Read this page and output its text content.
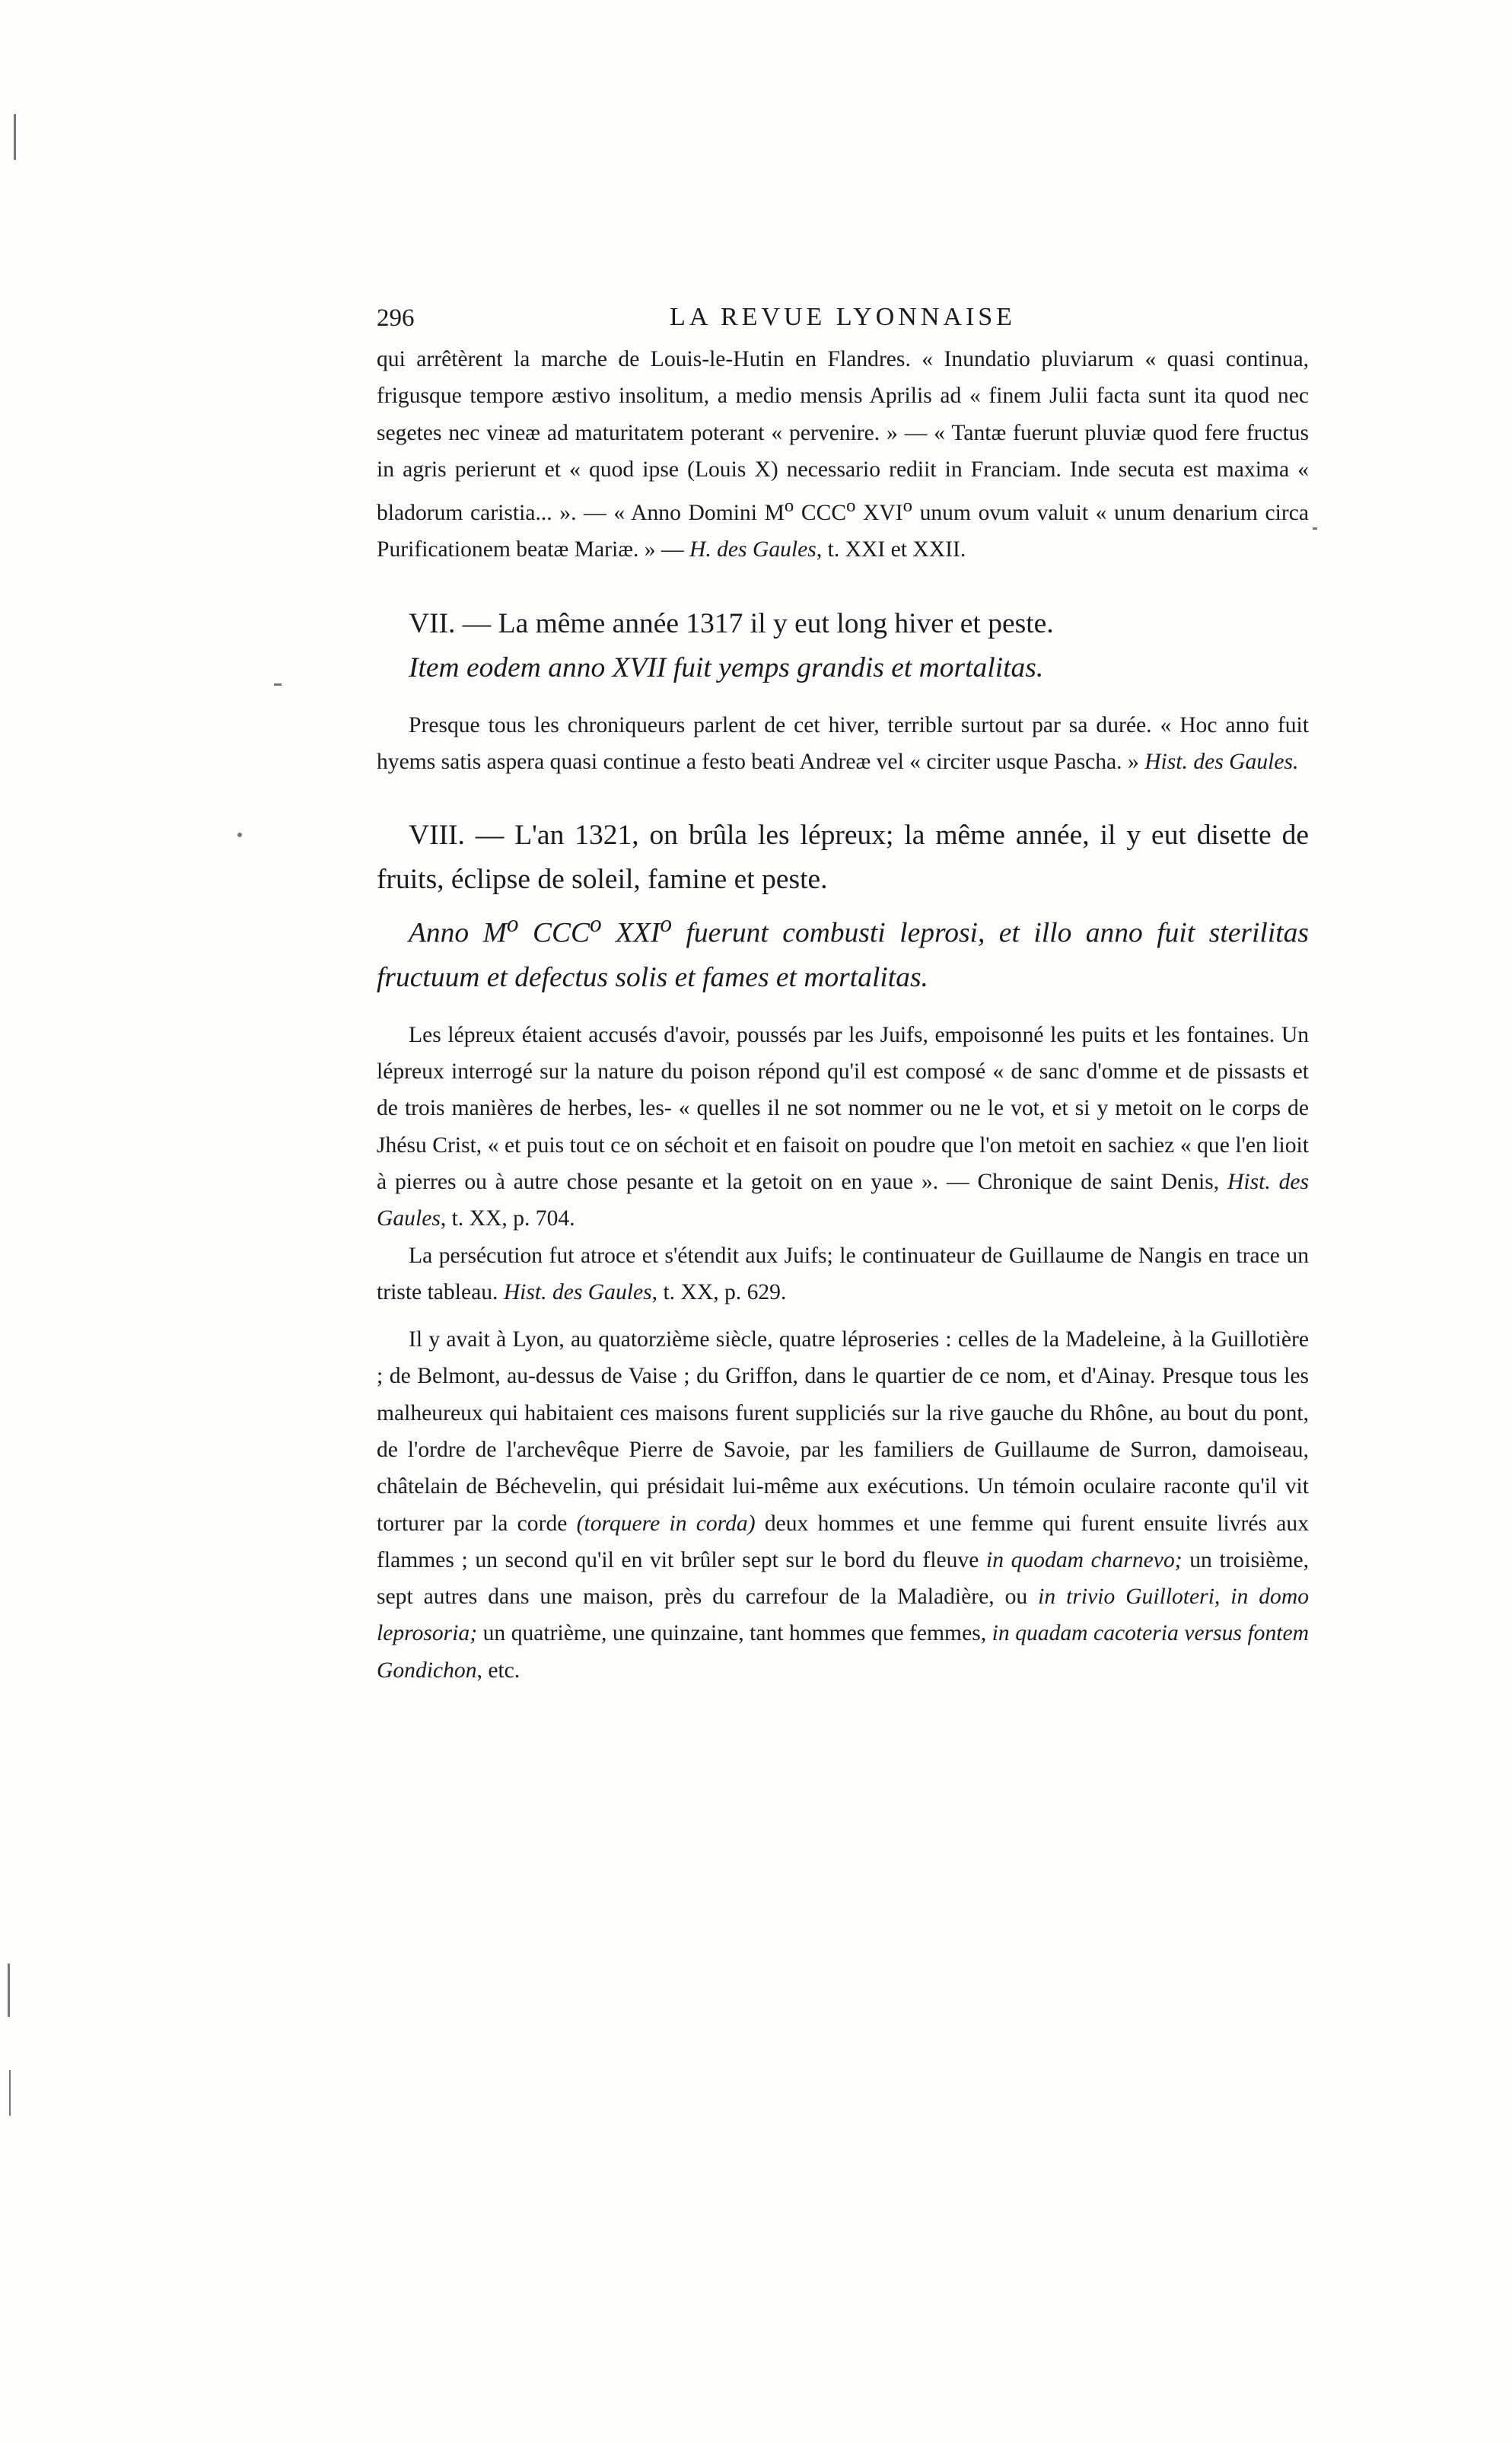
296	LA REVUE LYONNAISE

qui arrêtèrent la marche de Louis-le-Hutin en Flandres. « Inundatio pluviarum « quasi continua, frigusque tempore æstivo insolitum, a medio mensis Aprilis ad « finem Julii facta sunt ita quod nec segetes nec vineæ ad maturitatem poterant « pervenire. » — « Tantæ fuerunt pluviæ quod fere fructus in agris perierunt et « quod ipse (Louis X) necessario rediit in Franciam. Inde secuta est maxima « bladorum caristia... ». — « Anno Domini $M^o$ CCC$^o$ XVI$^o$ unum ovum valuit « unum denarium circa Purificationem beatæ Mariæ. » — H. des Gaules, t. XXI et XXII.

VII. — La même année 1317 il y eut long hiver et peste.

Item eodem anno XVII fuit yemps grandis et mortalitas.

Presque tous les chroniqueurs parlent de cet hiver, terrible surtout par sa durée. « Hoc anno fuit hyems satis aspera quasi continue a festo beati Andreæ vel « circiter usque Pascha. » Hist. des Gaules.

VIII. — L'an 1321, on brûla les lépreux; la même année, il y eut disette de fruits, éclipse de soleil, famine et peste.

Anno $M^o$ CCC$^o$ XXI$^o$ fuerunt combusti leprosi, et illo anno fuit sterilitas fructuum et defectus solis et fames et mortalitas.

Les lépreux étaient accusés d'avoir, poussés par les Juifs, empoisonné les puits et les fontaines. Un lépreux interrogé sur la nature du poison répond qu'il est composé « de sanc d'omme et de pissasts et de trois manières de herbes, les- « quelles il ne sot nommer ou ne le vot, et si y metoit on le corps de Jhésu Crist, « et puis tout ce on séchoit et en faisoit on poudre que l'on metoit en sachiez « que l'en lioit à pierres ou à autre chose pesante et la getoit on en yaue ». — Chronique de saint Denis, Hist. des Gaules, t. XX, p. 704.

La persécution fut atroce et s'étendit aux Juifs; le continuateur de Guillaume de Nangis en trace un triste tableau. Hist. des Gaules, t. XX, p. 629.

Il y avait à Lyon, au quatorzième siècle, quatre léproseries : celles de la Madeleine, à la Guillotière ; de Belmont, au-dessus de Vaise ; du Griffon, dans le quartier de ce nom, et d'Ainay. Presque tous les malheureux qui habitaient ces maisons furent suppliciés sur la rive gauche du Rhône, au bout du pont, de l'ordre de l'archevêque Pierre de Savoie, par les familiers de Guillaume de Surron, damoiseau, châtelain de Béchevelin, qui présidait lui-même aux exécutions. Un témoin oculaire raconte qu'il vit torturer par la corde (torquere in corda) deux hommes et une femme qui furent ensuite livrés aux flammes ; un second qu'il en vit brûler sept sur le bord du fleuve in quodam charnevo; un troisième, sept autres dans une maison, près du carrefour de la Maladière, ou in trivio Guilloteri, in domo leprosoria; un quatrième, une quinzaine, tant hommes que femmes, in quadam cacoteria versus fontem Gondichon, etc.
